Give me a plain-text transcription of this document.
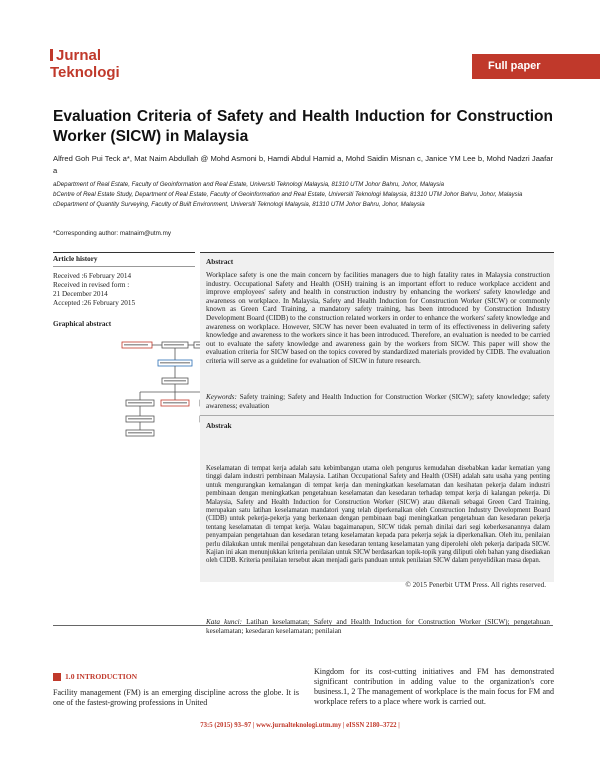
Jurnal
Teknologi	Full paper
Evaluation Criteria of Safety and Health Induction for Construction Worker (SICW) in Malaysia
Alfred Goh Pui Teck a*, Mat Naim Abdullah @ Mohd Asmoni b, Hamdi Abdul Hamid a, Mohd Saidin Misnan c, Janice YM Lee b, Mohd Nadzri Jaafar a
aDepartment of Real Estate, Faculty of Geoinformation and Real Estate, Universiti Teknologi Malaysia, 81310 UTM Johor Bahru, Johor, Malaysia
bCentre of Real Estate Study, Department of Real Estate, Faculty of Geoinformation and Real Estate, Universiti Teknologi Malaysia, 81310 UTM Johor Bahru, Johor, Malaysia
cDepartment of Quantity Surveying, Faculty of Built Environment, Universiti Teknologi Malaysia, 81310 UTM Johor Bahru, Johor, Malaysia
*Corresponding author: matnaim@utm.my
Article history
Received :6 February 2014
Received in revised form :
21 December 2014
Accepted :26 February 2015
Graphical abstract
Abstract
Workplace safety is one the main concern by facilities managers due to high fatality rates in Malaysia construction industry. Occupational Safety and Health (OSH) training is an important effort to reduce workplace accident and improve employees' safety and health in construction industry by enhancing the workers' safety knowledge and awareness on workplace. In Malaysia, Safety and Health Induction for Construction Worker (SICW) or commonly known as Green Card Training, a mandatory safety training, has been introduced by Construction Industry Development Board (CIDB) to the construction related workers in order to enhance the workers' safety knowledge and awareness on workplace. However, SICW has never been evaluated in term of its effectiveness in delivering safety knowledge and awareness to the workers since it has been introduced. Therefore, an evaluation is needed to be carried out to evaluate the safety knowledge and awareness gain by the workers from SICW. This paper will show the evaluation criteria for SICW based on the topics covered by standardized materials provided by CIDB. The evaluation criteria will serve as a guideline for evaluation of SICW in future research.
Keywords: Safety training; Safety and Health Induction for Construction Worker (SICW); safety knowledge; safety awareness; evaluation
Abstrak
Keselamatan di tempat kerja adalah satu kebimbangan utama oleh pengurus kemudahan disebabkan kadar kematian yang tinggi dalam industri pembinaan Malaysia. Latihan Occupational Safety and Health (OSH) adalah satu usaha yang penting untuk mengurangkan kemalangan di tempat kerja dan meningkatkan keselamatan dan kesihatan pekerja dalam industri pembinaan dengan meningkatkan pengetahuan keselamatan dan kesedaran terhadap tempat kerja di kalangan pekerja. Di Malaysia, Safety and Health Induction for Construction Worker (SICW) atau dikenali sebagai Green Card Training, merupakan satu latihan keselamatan mandatori yang telah diperkenalkan oleh Construction Industry Development Board (CIDB) untuk pekerja-pekerja yang berkenaan dengan pembinaan bagi meningkatkan pengetahuan dan kesedaran pekerja tentang keselamatan di tempat kerja. Walau bagaimanapun, SICW tidak pernah dinilai dari segi keberkesanannya dalam penyampaian pengetahuan dan kesedaran tetang keselamatan kepada para pekerja sejak ia diperkenalkan. Oleh itu, penilaian perlu dilakukan untuk menilai pengetahuan dan kesedaran tentang keselamatan yang diperolehi oleh pekerja daripada SICW. Kajian ini akan menunjukkan kriteria penilaian untuk SICW berdasarkan topik-topik yang diliputi oleh bahan yang disediakan oleh CIDB. Kriteria penilaian tersebut akan menjadi garis panduan untuk penilaian SICW dalam penyelidikan masa depan.
Kata kunci: Latihan keselamatan; Safety and Health Induction for Construction Worker (SICW); pengetahuan keselamatan; kesedaran keselamatan; penilaian
© 2015 Penerbit UTM Press. All rights reserved.
1.0 INTRODUCTION
Facility management (FM) is an emerging discipline across the globe. It is one of the fastest-growing professions in United
Kingdom for its cost-cutting initiatives and FM has demonstrated significant contribution in adding value to the organization's core business.1, 2 The management of workplace is the main focus for FM and workplace refers to a place where work is carried out.
73:5 (2015) 93–97 | www.jurnalteknologi.utm.my | eISSN 2180–3722 |
